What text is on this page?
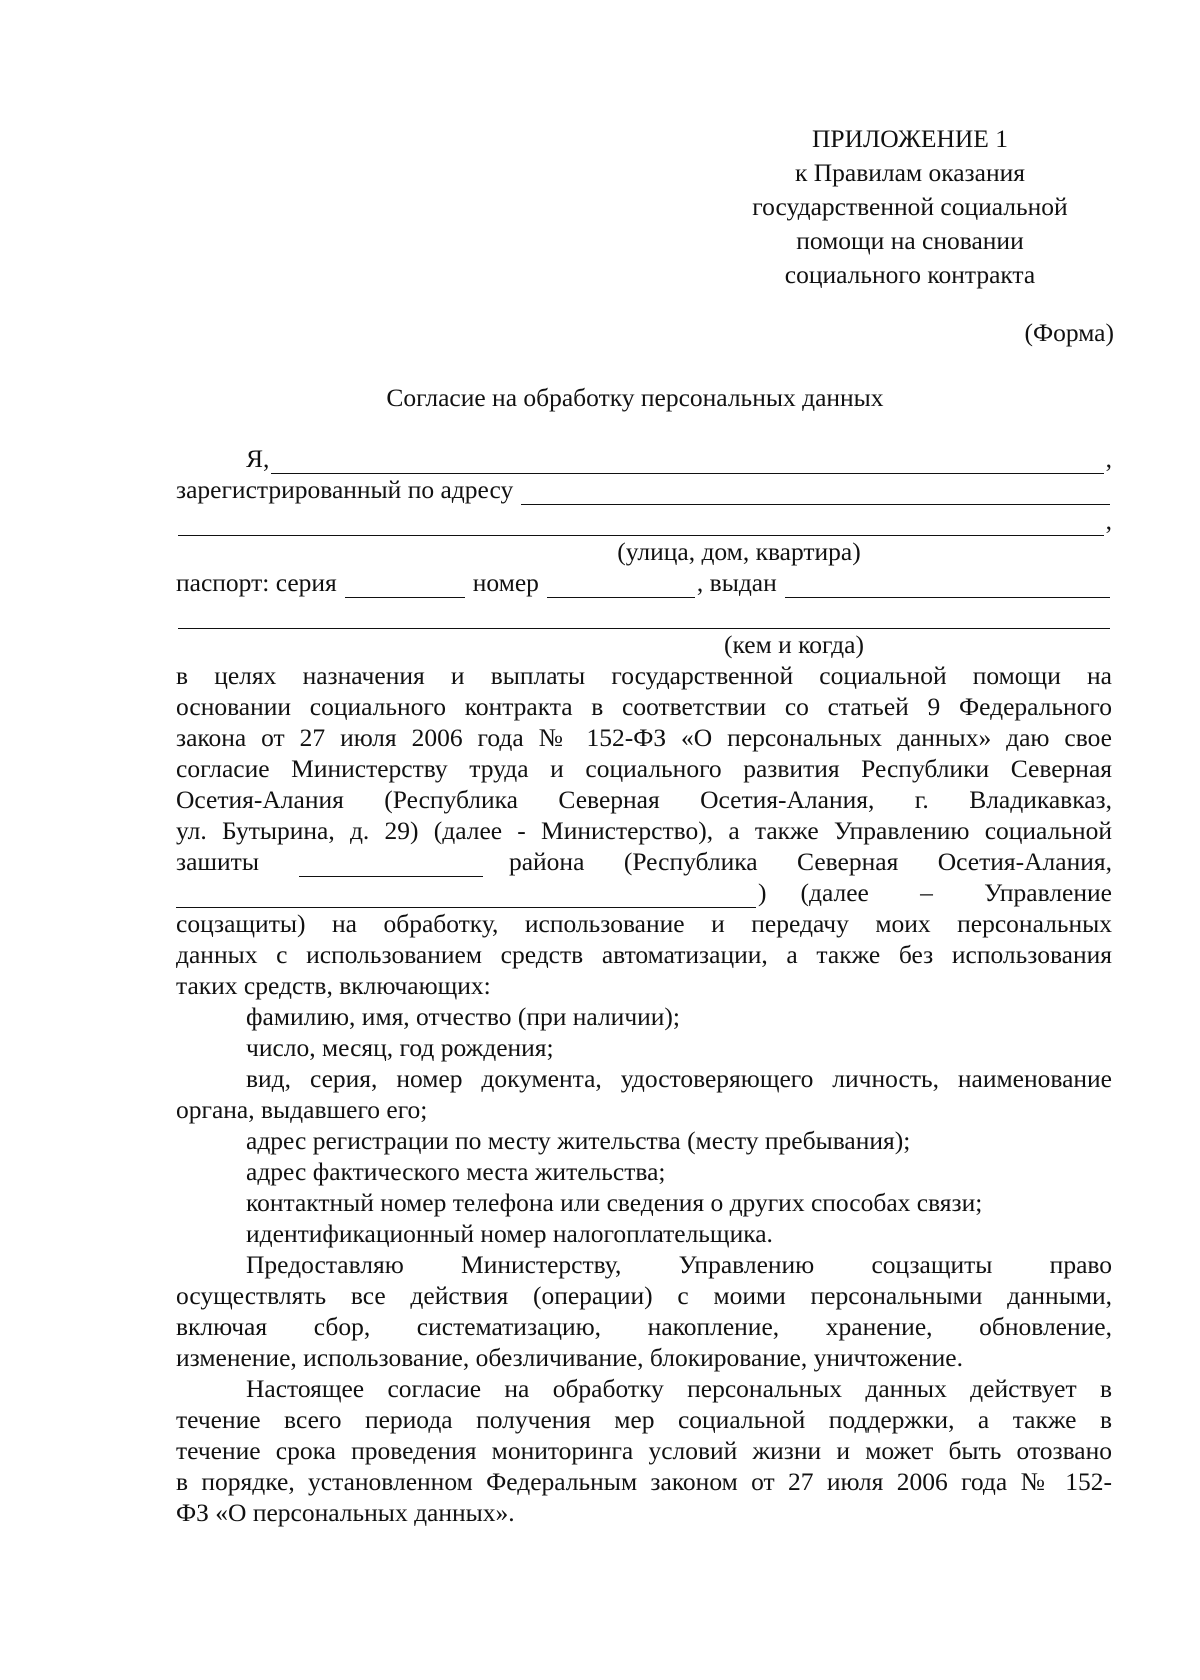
ПРИЛОЖЕНИЕ 1
к Правилам оказания
государственной социальной
помощи на сновании
социального контракта
(Форма)
Согласие на обработку персональных данных
Я,	,
зарегистрированный по адресу
,
(улица, дом, квартира)
паспорт: серия	номер	, выдан
(кем и когда)
в целях назначения и выплаты государственной социальной помощи на
основании социального контракта в соответствии со статьей 9 Федерального
закона от 27 июля 2006 года № 152-ФЗ «О персональных данных» даю свое
согласие Министерству труда и социального развития Республики Северная
Осетия-Алания (Республика Северная Осетия-Алания, г. Владикавказ,
ул. Бутырина, д. 29) (далее - Министерство), а также Управлению социальной
зашиты	района (Республика Северная Осетия-Алания,
) (далее – Управление
соцзащиты) на обработку, использование и передачу моих персональных
данных с использованием средств автоматизации, а также без использования
таких средств, включающих:
фамилию, имя, отчество (при наличии);
число, месяц, год рождения;
вид, серия, номер документа, удостоверяющего личность, наименование
органа, выдавшего его;
адрес регистрации по месту жительства (месту пребывания);
адрес фактического места жительства;
контактный номер телефона или сведения о других способах связи;
идентификационный номер налогоплательщика.
Предоставляю Министерству, Управлению соцзащиты право
осуществлять все действия (операции) с моими персональными данными,
включая сбор, систематизацию, накопление, хранение, обновление,
изменение, использование, обезличивание, блокирование, уничтожение.
Настоящее согласие на обработку персональных данных действует в
течение всего периода получения мер социальной поддержки, а также в
течение срока проведения мониторинга условий жизни и может быть отозвано
в порядке, установленном Федеральным законом от 27 июля 2006 года № 152-
ФЗ «О персональных данных».
